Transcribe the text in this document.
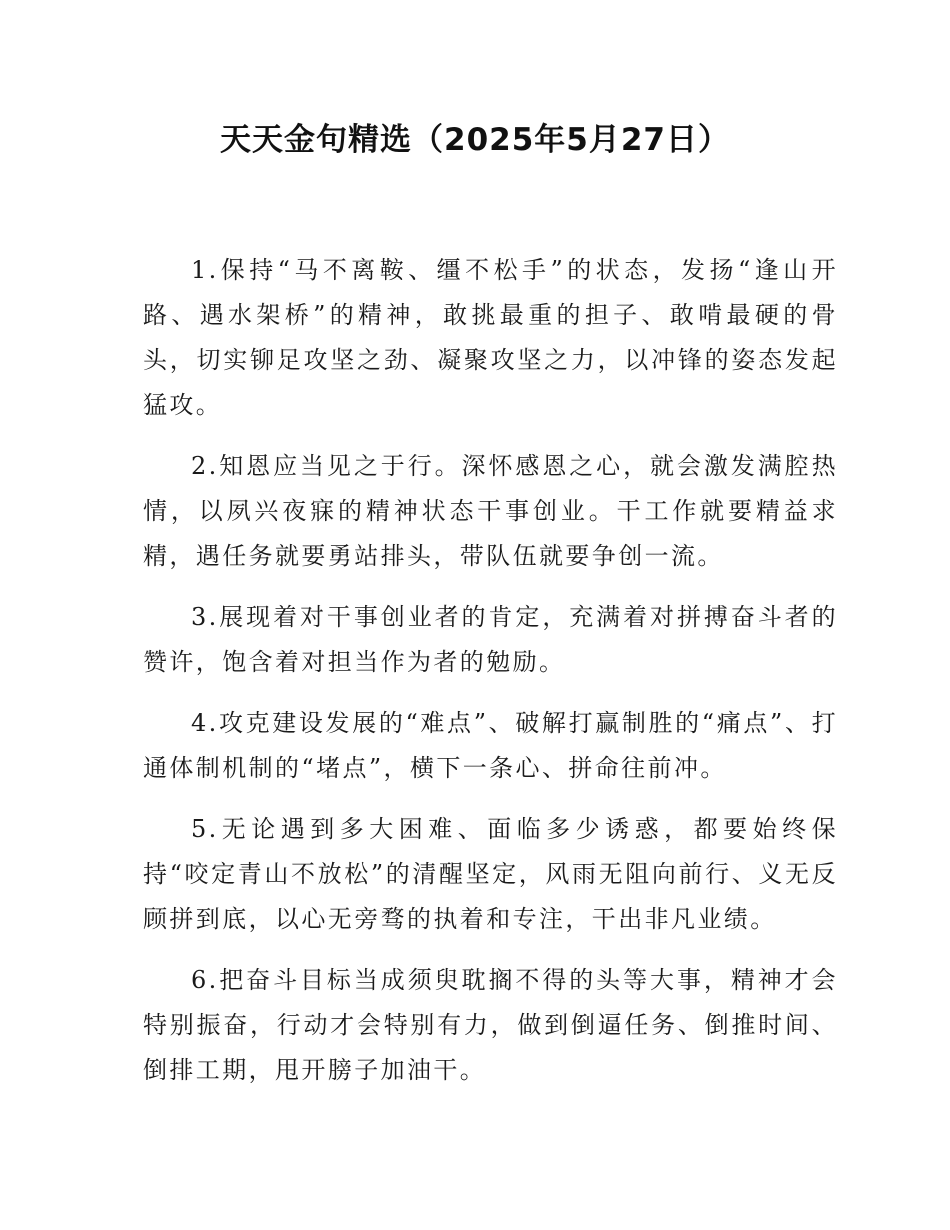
天天金句精选（2025年5月27日）

1.保持“马不离鞍、缰不松手”的状态，发扬“逢山开路、遇水架桥”的精神，敢挑最重的担子、敢啃最硬的骨头，切实铆足攻坚之劲、凝聚攻坚之力，以冲锋的姿态发起猛攻。

2.知恩应当见之于行。深怀感恩之心，就会激发满腔热情，以夙兴夜寐的精神状态干事创业。干工作就要精益求精，遇任务就要勇站排头，带队伍就要争创一流。

3.展现着对干事创业者的肯定，充满着对拼搏奋斗者的赞许，饱含着对担当作为者的勉励。

4.攻克建设发展的“难点”、破解打赢制胜的“痛点”、打通体制机制的“堵点”，横下一条心、拼命往前冲。

5.无论遇到多大困难、面临多少诱惑，都要始终保持“咬定青山不放松”的清醒坚定，风雨无阻向前行、义无反顾拼到底，以心无旁骛的执着和专注，干出非凡业绩。

6.把奋斗目标当成须臾耽搁不得的头等大事，精神才会特别振奋，行动才会特别有力，做到倒逼任务、倒推时间、倒排工期，甩开膀子加油干。
